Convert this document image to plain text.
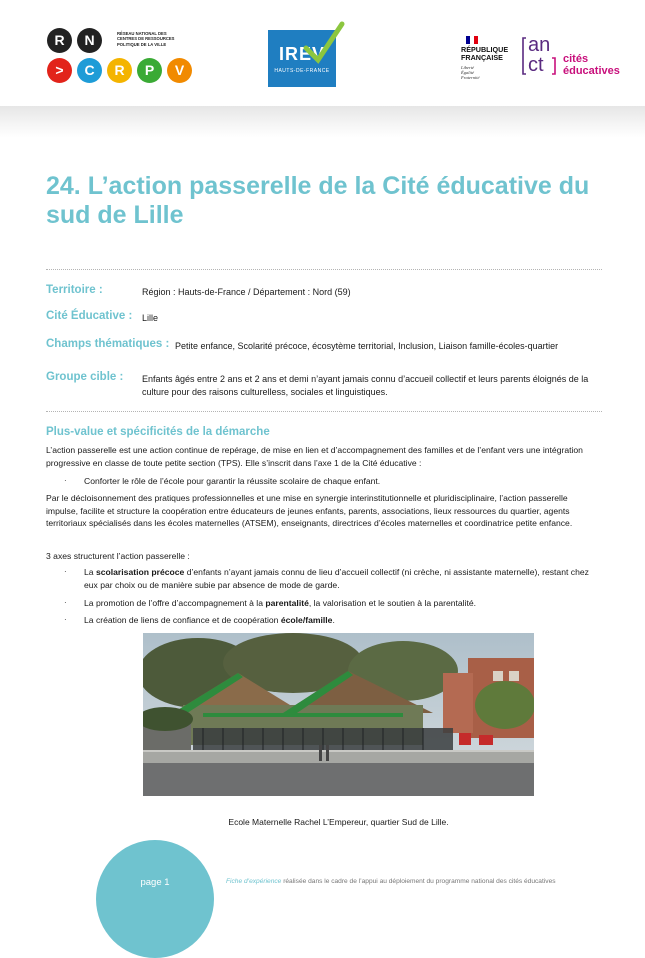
R	N
>	C	R	P	V
RÉSEAU NATIONAL DES
CENTRES DE RESSOURCES
POLITIQUE DE LA VILLE	IREV
HAUTS-DE-FRANCE
RÉPUBLIQUE
FRANÇAISE
Liberté
Égalité
Fraternité
an
ct cités
éducatives
24. L’action passerelle de la Cité éducative du sud de Lille
Territoire :	Région : Hauts-de-France / Département : Nord (59)
Cité Éducative : Lille
Champs thématiques : Petite enfance, Scolarité précoce, écosytème territorial, Inclusion, Liaison famille-écoles-quartier
Groupe cible : Enfants âgés entre 2 ans et 2 ans et demi n’ayant jamais connu d’accueil collectif et leurs parents éloignés de la culture pour des raisons culturelless, sociales et linguistiques.
Plus-value et spécificités de la démarche
L’action passerelle est une action continue de repérage, de mise en lien et d’accompagnement des familles et de l’enfant vers une intégration progressive en classe de toute petite section (TPS). Elle s’inscrit dans l’axe 1 de la Cité éducative :
· Conforter le rôle de l’école pour garantir la réussite scolaire de chaque enfant.
Par le décloisonnement des pratiques professionnelles et une mise en synergie interinstitutionnelle et pluridisciplinaire, l’action passerelle impulse, facilite et structure la coopération entre éducateurs de jeunes enfants, parents, associations, lieux ressources du quartier, agents territoriaux spécialisés dans les écoles maternelles (ATSEM), enseignants, directrices d’écoles maternelles et coordinatrice petite enfance.
3 axes structurent l’action passerelle :
· La scolarisation précoce d’enfants n’ayant jamais connu de lieu d’accueil collectif (ni crèche, ni assistante maternelle), restant chez eux par choix ou de manière subie par absence de mode de garde.
· La promotion de l’offre d’accompagnement à la parentalité, la valorisation et le soutien à la parentalité.
· La création de liens de confiance et de coopération école/famille.
Ecole Maternelle Rachel L’Empereur, quartier Sud de Lille.
page 1	Fiche d’expérience réalisée dans le cadre de l’appui au déploiement du programme national des cités éducatives
